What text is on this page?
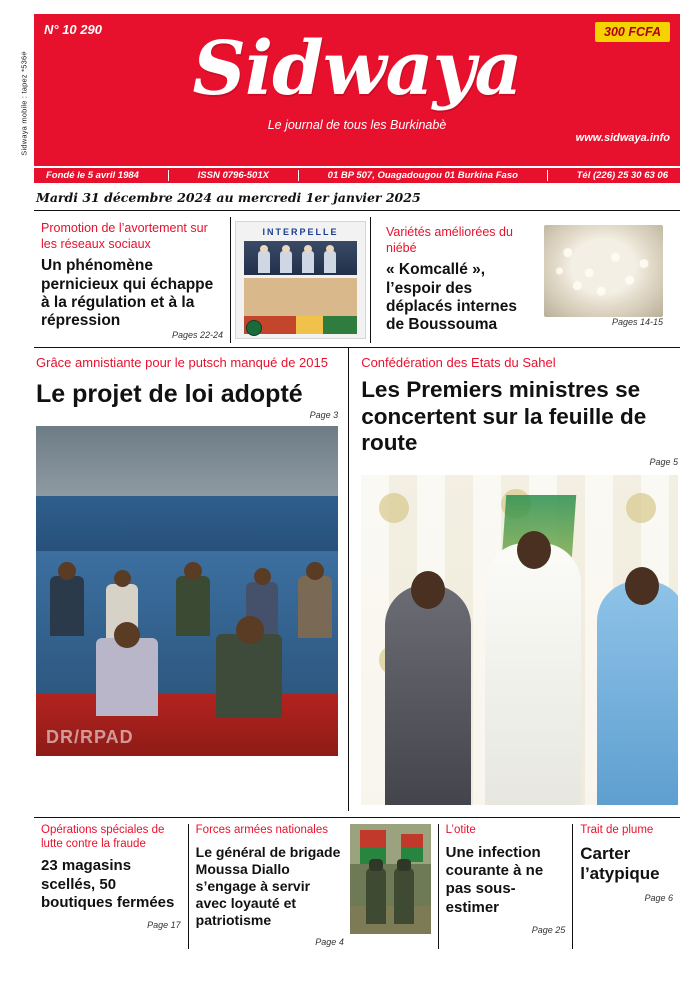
Sidwaya mobile : tapez *536#
N° 10 290	300 FCFA
Sidwaya
Le journal de tous les Burkinabè
www.sidwaya.info
Fondé le 5 avril 1984	ISSN 0796-501X	01 BP 507, Ouagadougou 01 Burkina Faso	Tél (226) 25 30 63 06
Mardi 31 décembre 2024 au mercredi 1er janvier 2025
Promotion de l’avortement sur les réseaux sociaux
Un phénomène pernicieux qui échappe à la régulation et à la répression
Pages 22-24
INTERPELLE	Variétés améliorées du niébé
« Komcallé », l’espoir des déplacés internes de Boussouma	Pages 14-15
Grâce amnistiante pour le putsch manqué de 2015
Le projet de loi adopté
Page 3
DR/RPAD
Confédération des Etats du Sahel
Les Premiers ministres se concertent sur la feuille de route
Page 5
Opérations spéciales de lutte contre la fraude
23 magasins scellés, 50 boutiques fermées
Page 17
Forces armées nationales
Le général de brigade Moussa Diallo s’engage à servir avec loyauté et patriotisme
Page 4
L’otite
Une infection courante à ne pas sous-estimer
Page 25
Trait de plume
Carter l’atypique
Page 6
